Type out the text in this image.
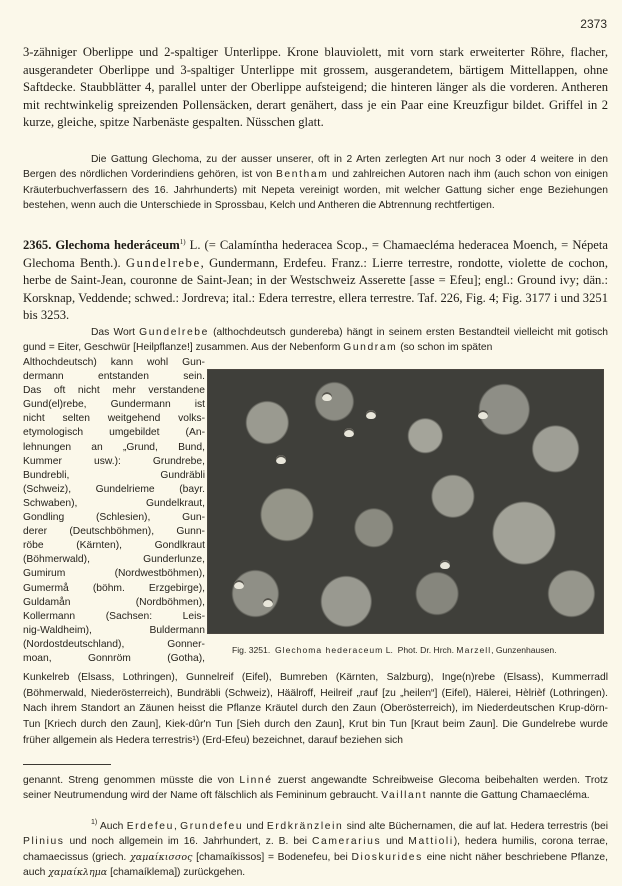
2373

3-zähniger Oberlippe und 2-spaltiger Unterlippe. Krone blauviolett, mit vorn stark erweiterter Röhre, flacher, ausgerandeter Oberlippe und 3-spaltiger Unterlippe mit grossem, ausgerandetem, bärtigem Mittellappen, ohne Saftdecke. Staubblätter 4, parallel unter der Oberlippe aufsteigend; die hinteren länger als die vorderen. Antheren mit rechtwinkelig spreizenden Pollensäcken, derart genähert, dass je ein Paar eine Kreuzfigur bildet. Griffel in 2 kurze, gleiche, spitze Narbenäste gespalten. Nüsschen glatt.

Die Gattung Glechoma, zu der ausser unserer, oft in 2 Arten zerlegten Art nur noch 3 oder 4 weitere in den Bergen des nördlichen Vorderindiens gehören, ist von Bentham und zahlreichen Autoren nach ihm (auch schon von einigen Kräuterbuchverfassern des 16. Jahrhunderts) mit Nepeta vereinigt worden, mit welcher Gattung sicher enge Beziehungen bestehen, wenn auch die Unterschiede in Sprossbau, Kelch und Antheren die Abtrennung rechtfertigen.

2365. Glechoma hederáceum$^{1)}$ L. (= Calamíntha hederacea Scop., = Chamaecléma hederacea Moench, = Népeta Glechoma Benth.). Gundelrebe, Gundermann, Erdefeu. Franz.: Lierre terrestre, rondotte, violette de cochon, herbe de Saint-Jean, couronne de Saint-Jean; in der Westschweiz Asserette [asse = Efeu]; engl.: Ground ivy; dän.: Korsknap, Veddende; schwed.: Jordreva; ital.: Edera terrestre, ellera terrestre. Taf. 226, Fig. 4; Fig. 3177 i und 3251 bis 3253.

Das Wort Gundelrebe (althochdeutsch gundereba) hängt in seinem ersten Bestandteil vielleicht mit gotisch gund = Eiter, Geschwür [Heilpflanze!] zusammen. Aus der Nebenform Gundram (so schon im späten

Althochdeutsch) kann wohl Gun-
dermann entstanden sein.
Das oft nicht mehr verstandene
Gund(el)rebe, Gundermann ist
nicht selten weitgehend volks-
etymologisch umgebildet (An-
lehnungen an „Grund, Bund,
Kummer usw.): Grundrebe,
Bundrebli, Gundräbli
(Schweiz), Gundelrieme (bayr.
Schwaben), Gundelkraut,
Gondling (Schlesien), Gun-
derer (Deutschböhmen), Gunn-
röbe (Kärnten), Gondlkraut
(Böhmerwald), Gunderlunze,
Gumirum (Nordwestböhmen),
Gumermå (böhm. Erzgebirge),
Guldamån (Nordböhmen),
Kollermann (Sachsen: Leis-
nig-Waldheim), Buldermann
(Nordostdeutschland), Gonner-
moan, Gonnröm (Gotha),
Fig. 3251. Glechoma hederaceum L. Phot. Dr. Hrch. Marzell, Gunzenhausen.

Kunkelreb (Elsass, Lothringen), Gunnelreif (Eifel), Bumreben (Kärnten, Salzburg), Inge(n)rebe (Elsass), Kummerradl (Böhmerwald, Niederösterreich), Bundräbli (Schweiz), Häälroff, Heilreif „rauf [zu „heilen“] (Eifel), Hälerei, Hèlrièf (Lothringen). Nach ihrem Standort an Zäunen heisst die Pflanze Kräutel durch den Zaun (Oberösterreich), im Niederdeutschen Krup-dörn-Tun [Kriech durch den Zaun], Kiek-dûr'n Tun [Sieh durch den Zaun], Krut bin Tun [Kraut beim Zaun]. Die Gundelrebe wurde früher allgemein als Hedera terrestris¹) (Erd-Efeu) bezeichnet, darauf beziehen sich

genannt. Streng genommen müsste die von Linné zuerst angewandte Schreibweise Glecoma beibehalten werden. Trotz seiner Neutrumendung wird der Name oft fälschlich als Femininum gebraucht. Vaillant nannte die Gattung Chamaecléma.

$^{1)}$ Auch Erdefeu, Grundefeu und Erdkränzlein sind alte Büchernamen, die auf lat. Hedera terrestris (bei Plinius und noch allgemein im 16. Jahrhundert, z. B. bei Camerarius und Mattioli), hedera humilis, corona terrae, chamaecissus (griech. χαμαίκισσος [chamaíkissos] = Bodenefeu, bei Dioskurides eine nicht näher beschriebene Pflanze, auch χαμαίκλημα [chamaíklema]) zurückgehen.
